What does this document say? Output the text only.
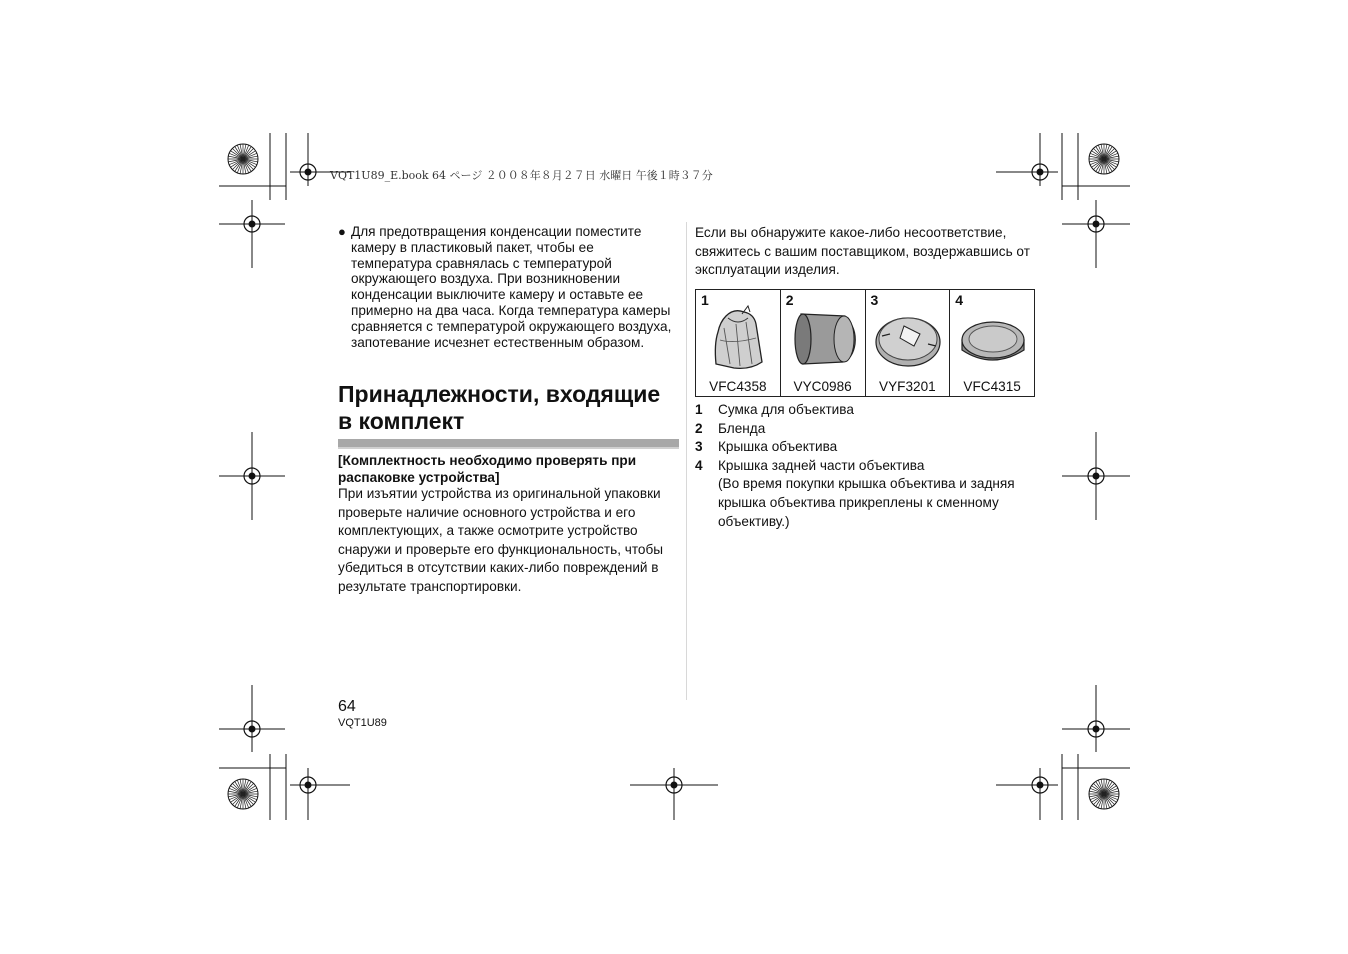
VQT1U89_E.book 64 ページ ２００８年８月２７日 水曜日 午後１時３７分
● Для предотвращения конденсации поместите камеру в пластиковый пакет, чтобы ее температура сравнялась с температурой окружающего воздуха. При возникновении конденсации выключите камеру и оставьте ее примерно на два часа. Когда температура камеры сравняется с температурой окружающего воздуха, запотевание исчезнет естественным образом.
Принадлежности, входящие в комплект
[Комплектность необходимо проверять при распаковке устройства]
При изъятии устройства из оригинальной упаковки проверьте наличие основного устройства и его комплектующих, а также осмотрите устройство снаружи и проверьте его функциональность, чтобы убедиться в отсутствии каких-либо повреждений в результате транспортировки.
Если вы обнаружите какое-либо несоответствие, свяжитесь с вашим поставщиком, воздержавшись от эксплуатации изделия.
1
VFC4358
2
VYC0986
3
VYF3201
4
VFC4315
1 Сумка для объектива
2 Бленда
3 Крышка объектива
4 Крышка задней части объектива
(Во время покупки крышка объектива и задняя крышка объектива прикреплены к сменному объективу.)
64
VQT1U89
